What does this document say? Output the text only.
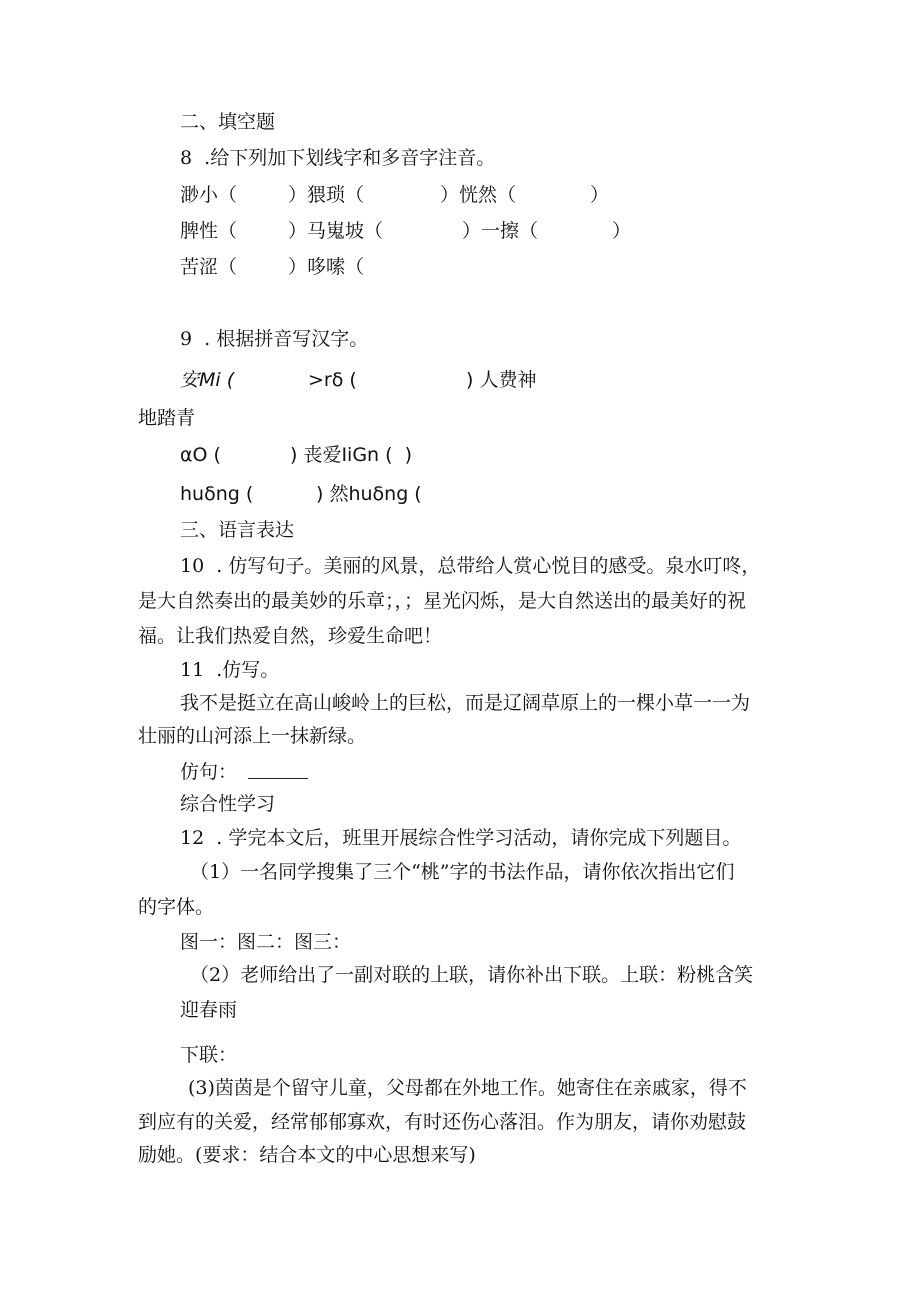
二、填空题
8  .给下列加下划线字和多音字注音。
渺小（	）猥琐（	）恍然（	）
脾性（	）马嵬坡（	）一擦（	）
苦涩（	）哆嗦（
9  . 根据拼音写汉字。
安Mi (	>rδ (	) 人费神
地踏青
αO (	) 丧爱IiGn (  )
huδng (	) 然huδng (
三、语言表达
10  . 仿写句子。美丽的风景，总带给人赏心悦目的感受。泉水叮咚，
是大自然奏出的最美妙的乐章；，；星光闪烁，是大自然送出的最美好的祝
福。让我们热爱自然，珍爱生命吧！
11  .仿写。
我不是挺立在高山峻岭上的巨松，而是辽阔草原上的一棵小草一一为
壮丽的山河添上一抹新绿。
仿句：
综合性学习
12  . 学完本文后，班里开展综合性学习活动，请你完成下列题目。
（1）一名同学搜集了三个“桃”字的书法作品，请你依次指出它们
的字体。
图一：图二：图三：
（2）老师给出了一副对联的上联，请你补出下联。上联：粉桃含笑
迎春雨
下联：
(3)茵茵是个留守儿童，父母都在外地工作。她寄住在亲戚家，得不
到应有的关爱，经常郁郁寡欢，有时还伤心落泪。作为朋友，请你劝慰鼓
励她。(要求：结合本文的中心思想来写)
